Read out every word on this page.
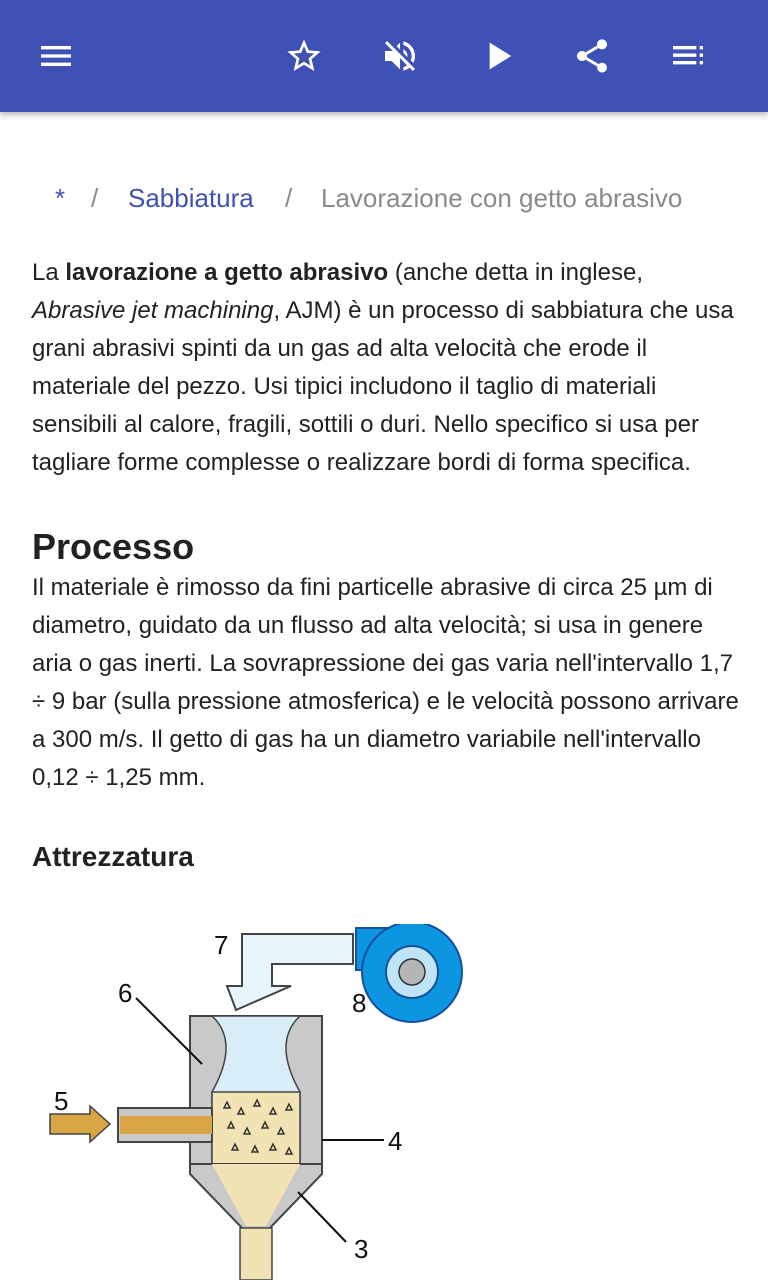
* / Sabbiatura / Lavorazione con getto abrasivo

La lavorazione a getto abrasivo (anche detta in inglese, Abrasive jet machining, AJM) è un processo di sabbiatura che usa grani abrasivi spinti da un gas ad alta velocità che erode il materiale del pezzo. Usi tipici includono il taglio di materiali sensibili al calore, fragili, sottili o duri. Nello specifico si usa per tagliare forme complesse o realizzare bordi di forma specifica.

Processo

Il materiale è rimosso da fini particelle abrasive di circa 25 µm di diametro, guidato da un flusso ad alta velocità; si usa in genere aria o gas inerti. La sovrapressione dei gas varia nell'intervallo 1,7 ÷ 9 bar (sulla pressione atmosferica) e le velocità possono arrivare a 300 m/s. Il getto di gas ha un diametro variabile nell'intervallo 0,12 ÷ 1,25 mm.

Attrezzatura
7
6	8
5
4
3
